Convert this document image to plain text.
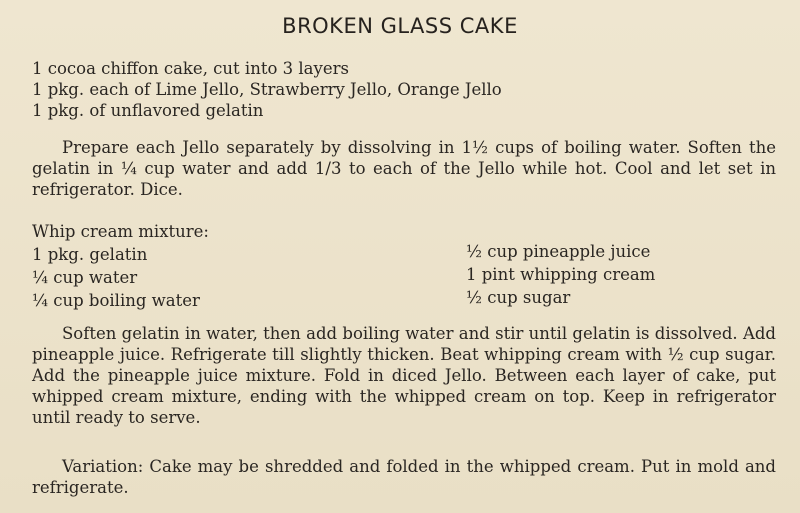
BROKEN GLASS CAKE
1 cocoa chiffon cake, cut into 3 layers
1 pkg. each of Lime Jello, Strawberry Jello, Orange Jello
1 pkg. of unflavored gelatin
Prepare each Jello separately by dissolving in 1½ cups of boiling water. Soften the gelatin in ¼ cup water and add 1/3 to each of the Jello while hot. Cool and let set in refrigerator. Dice.
Whip cream mixture:
1 pkg. gelatin
¼ cup water
¼ cup boiling water
½ cup pineapple juice
1 pint whipping cream
½ cup sugar
Soften gelatin in water, then add boiling water and stir until gelatin is dissolved. Add pineapple juice. Refrigerate till slightly thicken. Beat whipping cream with ½ cup sugar. Add the pineapple juice mixture. Fold in diced Jello. Between each layer of cake, put whipped cream mixture, ending with the whipped cream on top. Keep in refrigerator until ready to serve.
Variation: Cake may be shredded and folded in the whipped cream. Put in mold and refrigerate.
